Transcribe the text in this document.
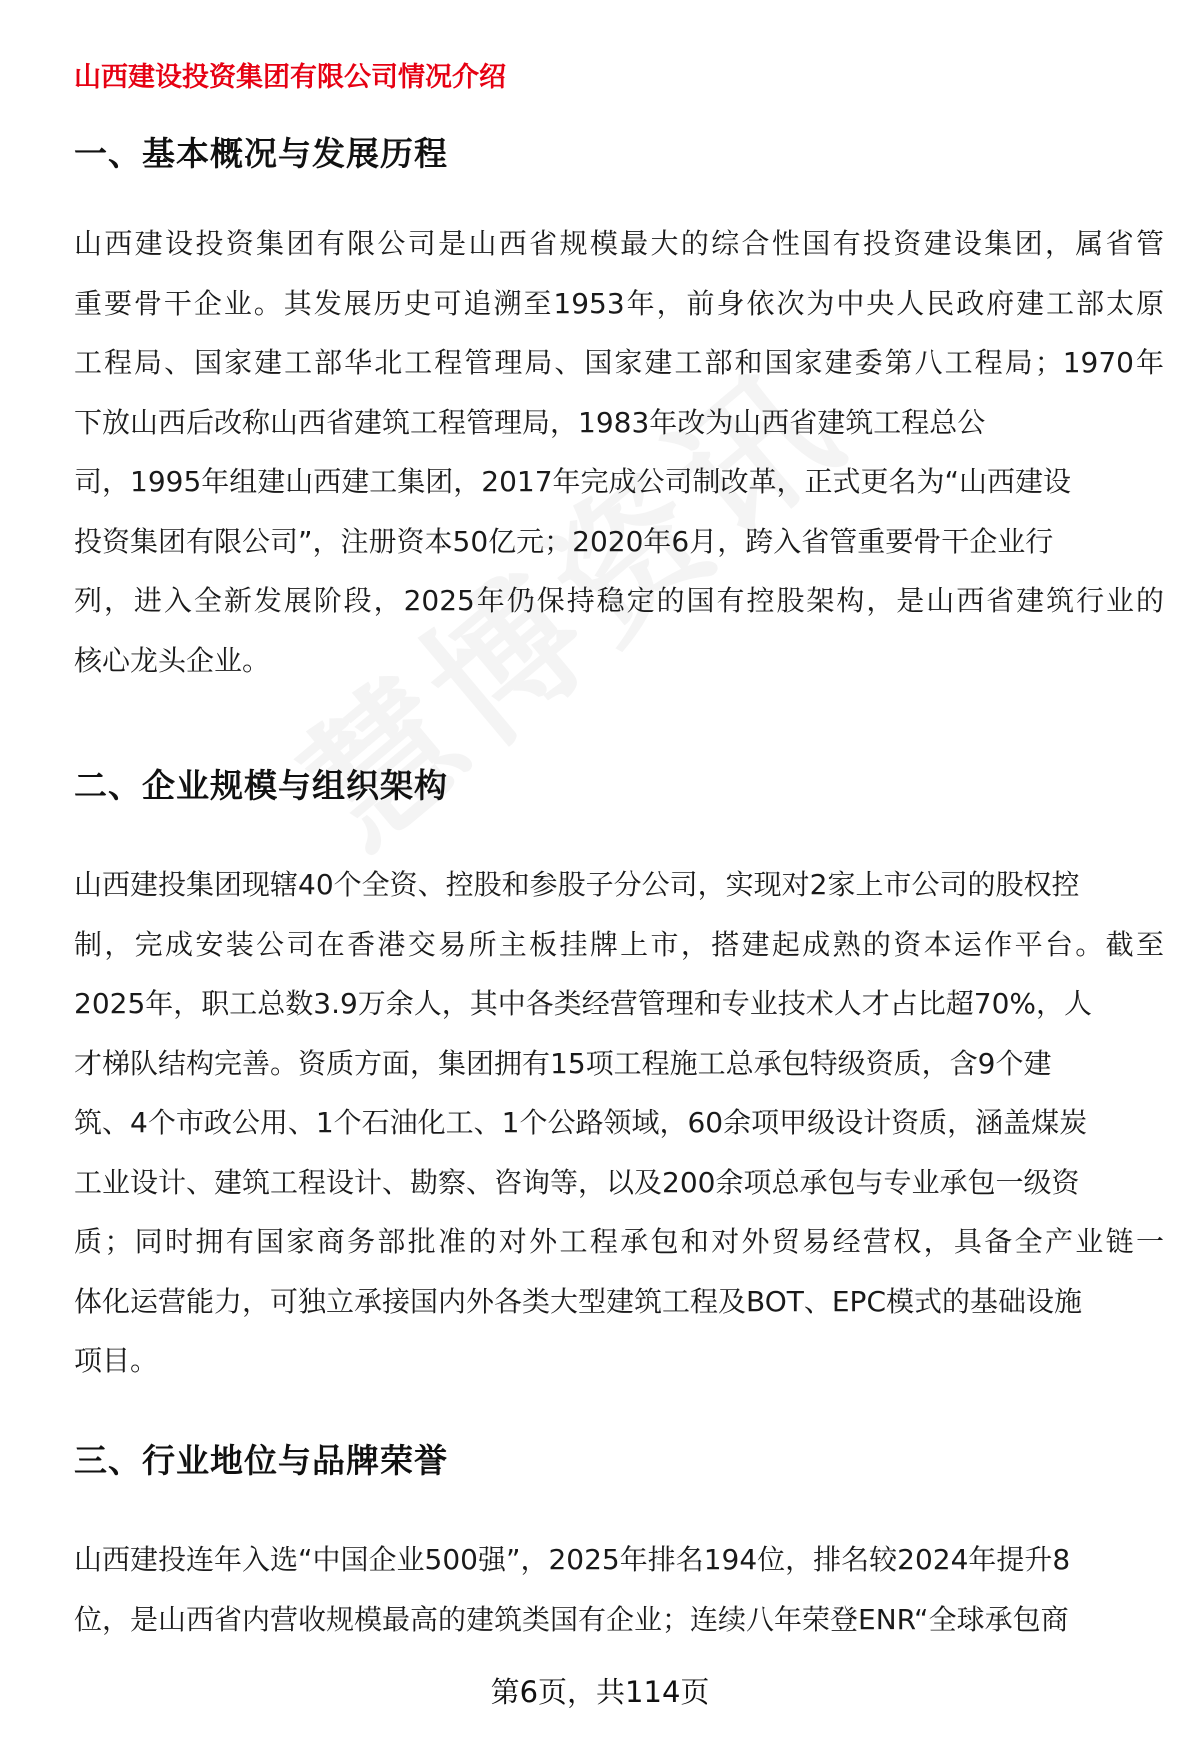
山西建设投资集团有限公司情况介绍
一、基本概况与发展历程
山西建设投资集团有限公司是山西省规模最大的综合性国有投资建设集团，属省管
重要骨干企业。其发展历史可追溯至1953年，前身依次为中央人民政府建工部太原
工程局、国家建工部华北工程管理局、国家建工部和国家建委第八工程局；1970年
下放山西后改称山西省建筑工程管理局，1983年改为山西省建筑工程总公
司，1995年组建山西建工集团，2017年完成公司制改革，正式更名为“山西建设
投资集团有限公司”，注册资本50亿元；2020年6月，跨入省管重要骨干企业行
列，进入全新发展阶段，2025年仍保持稳定的国有控股架构，是山西省建筑行业的
核心龙头企业。
二、企业规模与组织架构
山西建投集团现辖40个全资、控股和参股子分公司，实现对2家上市公司的股权控
制，完成安装公司在香港交易所主板挂牌上市，搭建起成熟的资本运作平台。截至
2025年，职工总数3.9万余人，其中各类经营管理和专业技术人才占比超70%，人
才梯队结构完善。资质方面，集团拥有15项工程施工总承包特级资质，含9个建
筑、4个市政公用、1个石油化工、1个公路领域，60余项甲级设计资质，涵盖煤炭
工业设计、建筑工程设计、勘察、咨询等，以及200余项总承包与专业承包一级资
质；同时拥有国家商务部批准的对外工程承包和对外贸易经营权，具备全产业链一
体化运营能力，可独立承接国内外各类大型建筑工程及BOT、EPC模式的基础设施
项目。
三、行业地位与品牌荣誉
山西建投连年入选“中国企业500强”，2025年排名194位，排名较2024年提升8
位，是山西省内营收规模最高的建筑类国有企业；连续八年荣登ENR“全球承包商
第6页，共114页
